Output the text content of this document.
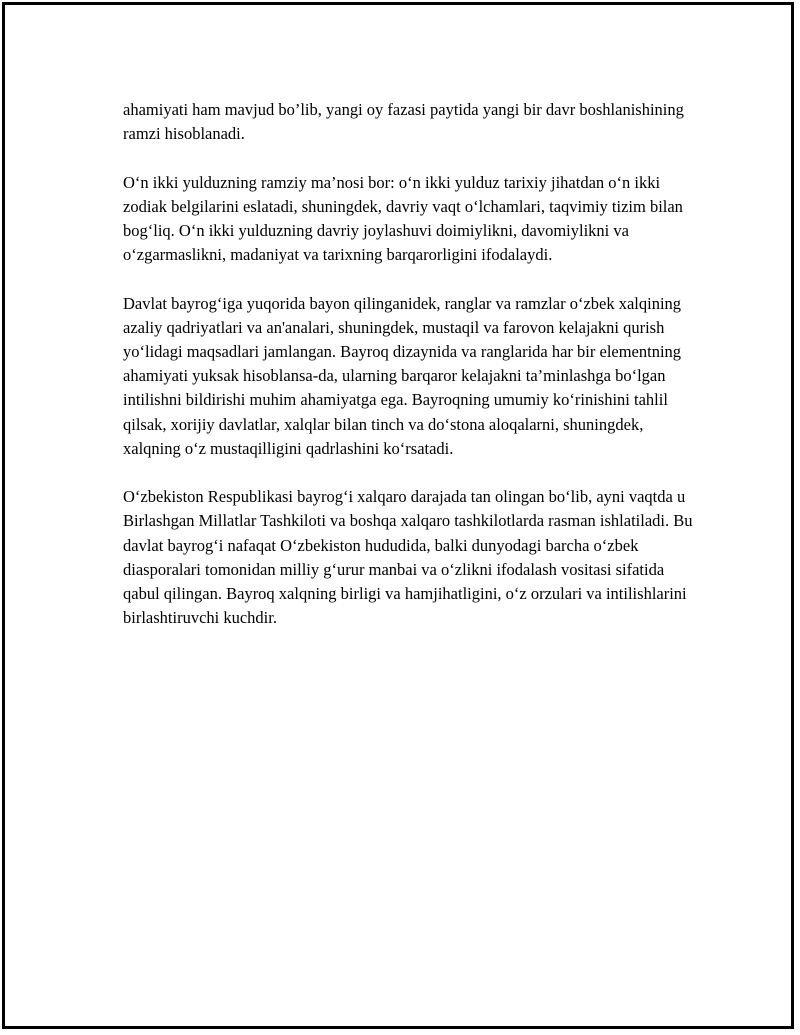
ahamiyati ham mavjud bo’lib, yangi oy fazasi paytida yangi bir davr boshlanishining ramzi hisoblanadi.

O‘n ikki yulduzning ramziy ma’nosi bor: o‘n ikki yulduz tarixiy jihatdan o‘n ikki zodiak belgilarini eslatadi, shuningdek, davriy vaqt o‘lchamlari, taqvimiy tizim bilan bog‘liq. O‘n ikki yulduzning davriy joylashuvi doimiylikni, davomiylikni va o‘zgarmaslikni, madaniyat va tarixning barqarorligini ifodalaydi.

Davlat bayrog‘iga yuqorida bayon qilinganidek, ranglar va ramzlar o‘zbek xalqining azaliy qadriyatlari va an'analari, shuningdek, mustaqil va farovon kelajakni qurish yo‘lidagi maqsadlari jamlangan. Bayroq dizaynida va ranglarida har bir elementning ahamiyati yuksak hisoblansa-da, ularning barqaror kelajakni ta’minlashga bo‘lgan intilishni bildirishi muhim ahamiyatga ega. Bayroqning umumiy ko‘rinishini tahlil qilsak, xorijiy davlatlar, xalqlar bilan tinch va do‘stona aloqalarni, shuningdek, xalqning o‘z mustaqilligini qadrlashini ko‘rsatadi.

O‘zbekiston Respublikasi bayrog‘i xalqaro darajada tan olingan bo‘lib, ayni vaqtda u Birlashgan Millatlar Tashkiloti va boshqa xalqaro tashkilotlarda rasman ishlatiladi. Bu davlat bayrog‘i nafaqat O‘zbekiston hududida, balki dunyodagi barcha o‘zbek diasporalari tomonidan milliy g‘urur manbai va o‘zlikni ifodalash vositasi sifatida qabul qilingan. Bayroq xalqning birligi va hamjihatligini, o‘z orzulari va intilishlarini birlashtiruvchi kuchdir.
